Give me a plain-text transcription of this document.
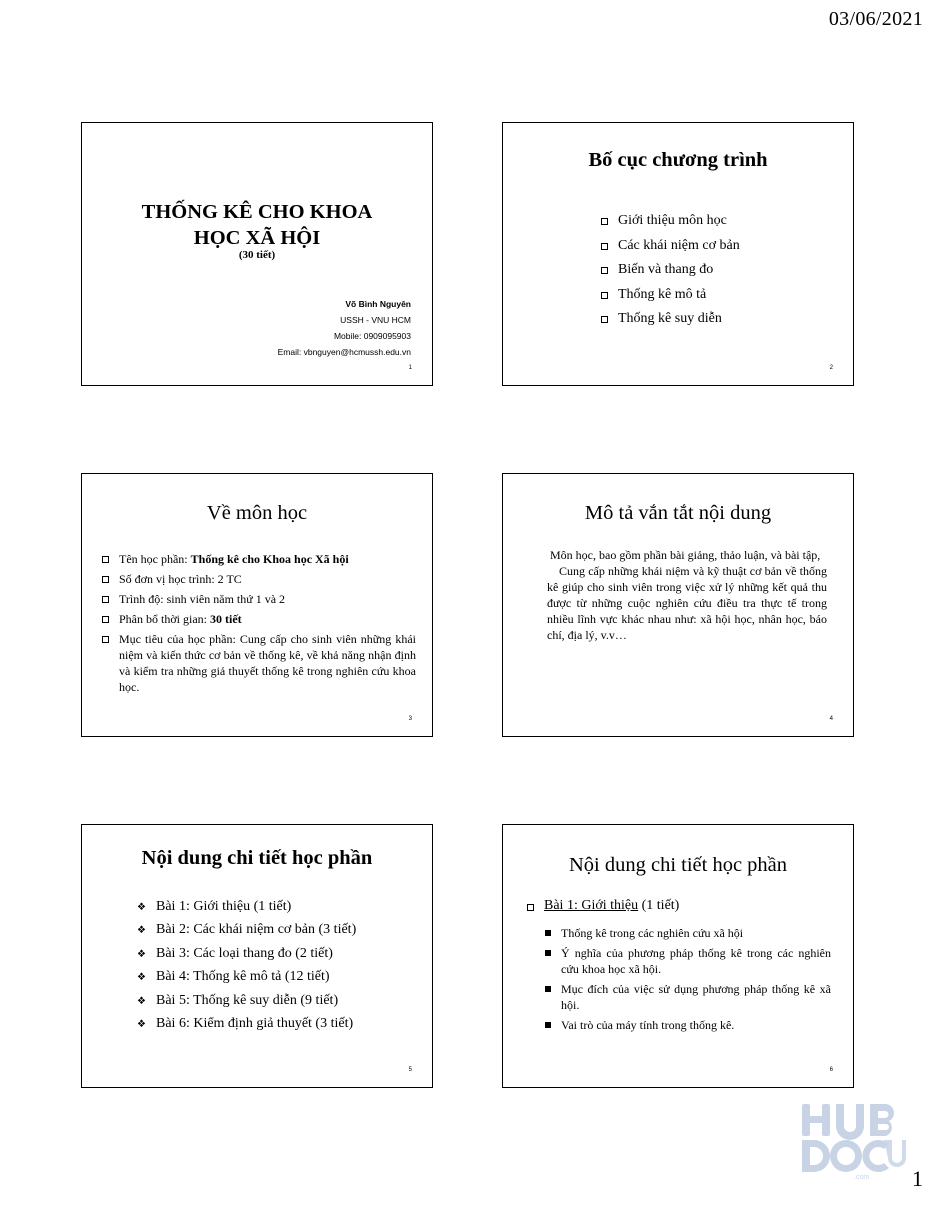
03/06/2021
THỐNG KÊ CHO KHOA
HỌC XÃ HỘI
(30 tiết)
Võ Bình Nguyên
USSH - VNU HCM
Mobile: 0909095903
Email: vbnguyen@hcmussh.edu.vn
1
Bố cục chương trình
Giới thiệu môn học
Các khái niệm cơ bản
Biến và thang đo
Thống kê mô tả
Thống kê suy diễn
2
Về môn học
Tên học phần: Thống kê cho Khoa học Xã hội
Số đơn vị học trình: 2 TC
Trình độ: sinh viên năm thứ 1 và 2
Phân bổ thời gian: 30 tiết
Mục tiêu của học phần: Cung cấp cho sinh viên những khái niệm và kiến thức cơ bản về thống kê, về khả năng nhận định và kiểm tra những giả thuyết thống kê trong nghiên cứu khoa học.
3
Mô tả vắn tắt nội dung

Môn học, bao gồm phần bài giảng, thảo luận, và bài tập,

Cung cấp những khái niệm và kỹ thuật cơ bản về thống kê giúp cho sinh viên trong việc xử lý những kết quả thu được từ những cuộc nghiên cứu điều tra thực tế trong nhiều lĩnh vực khác nhau như: xã hội học, nhân học, báo chí, địa lý, v.v…

4
Nội dung chi tiết học phần
❖ Bài 1: Giới thiệu (1 tiết)
❖ Bài 2: Các khái niệm cơ bản (3 tiết)
❖ Bài 3: Các loại thang đo (2 tiết)
❖ Bài 4: Thống kê mô tả (12 tiết)
❖ Bài 5: Thống kê suy diễn (9 tiết)
❖ Bài 6: Kiểm định giả thuyết (3 tiết)
5
Nội dung chi tiết học phần
Bài 1: Giới thiệu (1 tiết)
Thống kê trong các nghiên cứu xã hội
Ý nghĩa của phương pháp thống kê trong các nghiên cứu khoa học xã hội.
Mục đích của việc sử dụng phương pháp thống kê xã hội.
Vai trò của máy tính trong thống kê.
6
.com 1
